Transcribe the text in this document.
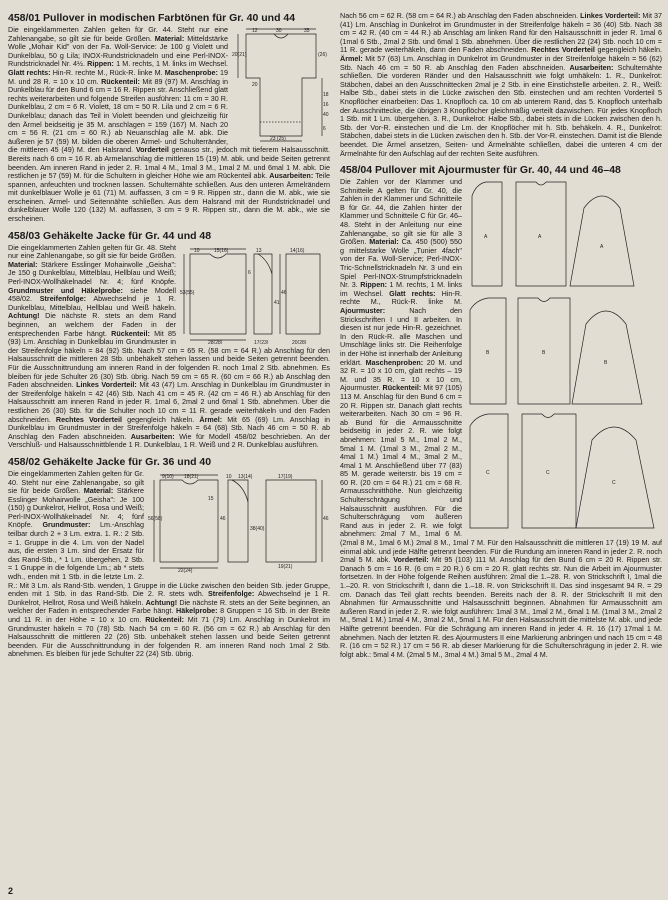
458/01 Pullover in modischen Farbtönen für Gr. 40 und 44
12	30	35
20(21)	(26)
23 (25)
18
16
40
6
20

Die eingeklammerten Zahlen gelten für Gr. 44. Steht nur eine Zahlenangabe, so gilt sie für beide Größen. Material: Mitteldstärke Wolle „Mohair Kid" von der Fa. Woll-Service: Je 100 g Violett und Dunkelblau, 50 g Lila; INOX-Rundstricknadeln und eine Perl-INOX-Rundstricknadel Nr. 4½. Rippen: 1 M. rechts, 1 M. links im Wechsel. Glatt rechts: Hin-R. rechte M., Rück-R. linke M. Maschenprobe: 19 M. und 28 R. = 10 x 10 cm. Rückenteil: Mit 89 (97) M. Anschlag in Dunkelblau für den Bund 6 cm = 16 R. Rippen str. Anschließend glatt rechts weiterarbeiten und folgende Streifen ausführen: 11 cm = 30 R. Dunkelblau, 2 cm = 6 R. Violett, 18 cm = 50 R. Lila und 2 cm = 6 R. Dunkelblau; danach das Teil in Violett beenden und gleichzeitig für den Ärmel beidseitig je 35 M. anschlagen = 159 (167) M. Nach 20 cm = 56 R. (21 cm = 60 R.) ab Neuanschlag alle M. abk. Die äußeren je 57 (59) M. bilden die oberen Ärmel- und Schulterränder, die mittleren 45 (49) M. den Halsrand. Vorderteil genauso str., jedoch mit tieferem Halsausschnitt. Bereits nach 6 cm = 16 R. ab Armelanschlag die mittleren 15 (19) M. abk. und beide Seiten getrennt beenden. Am inneren Rand in jeder 2. R. 1mal 4 M., 1mal 3 M., 1mal 2 M. und 6mal 1 M. abk. Die restlichen je 57 (59) M. für die Schultern in gleicher Höhe wie am Rückenteil abk. Ausarbeiten: Teile spannen, anfeuchten und trocknen lassen. Schulternähte schließen. Aus den unteren Ärmelrändern mit dunkelblauer Wolle je 61 (71) M. auffassen, 3 cm = 9 R. Rippen str., dann die M. abk., wie sie erscheinen. Ärmel- und Seitennähte schließen. Aus dem Halsrand mit der Rundstricknadel und dunkelblauer Wolle 120 (132) M. auffassen, 3 cm = 9 R. Rippen str., dann die M. abk., wie sie erscheinen.

458/03 Gehäkelte Jacke für Gr. 44 und 48
10	15(16)	13	14(16)
28(28)	17(23)	20(28)
53(55)	46
41
6

Die eingeklammerten Zahlen gelten für Gr. 48. Steht nur eine Zahlenangabe, so gilt sie für beide Größen. Material: Stärkere Esslinger Mohairwolle „Geisha": Je 150 g Dunkelblau, Mittelblau, Hellblau und Weiß; Perl-INOX-Wollhäkelnadel Nr. 4; fünf Knöpfe. Grundmuster und Häkelprobe: siehe Modell 458/02. Streifenfolge: Abwechselnd je 1 R. Dunkelblau, Mittelblau, Hellblau und Weiß häkeln. Achtung! Die nächste R. stets an dem Rand beginnen, an welchem der Faden in der entsprechenden Farbe hängt. Rückenteil: Mit 85 (93) Lm. Anschlag in Dunkelblau im Grundmuster in der Streifenfolge häkeln = 84 (92) Stb. Nach 57 cm = 65 R. (58 cm = 64 R.) ab Anschlag für den Halsausschnitt die mittleren 28 Stb. unbehäkelt stehen lassen und beide Seiten getrennt beenden. Für die Ausschnittrundung am inneren Rand in der folgenden R. noch 1mal 2 Stb. abnehmen. Es bleiben für jede Schulter 26 (30) Stb. übrig. Nach 59 cm = 65 R. (60 cm = 66 R.) ab Anschlag den Faden abschneiden. Linkes Vorderteil: Mit 43 (47) Lm. Anschlag in Dunkelblau im Grundmuster in der Streifenfolge häkeln = 42 (46) Stb. Nach 41 cm = 45 R. (42 cm = 46 R.) ab Anschlag für den Halsausschnitt am inneren Rand in jeder R. 1mal 6, 2mal 2 und 6mal 1 Stb. abnehmen. Über die restlichen 26 (30) Stb. für die Schulter noch 10 cm = 11 R. gerade weiterhäkeln und den Faden abschneiden. Rechtes Vorderteil gegengleich häkeln. Ärmel: Mit 65 (69) Lm. Anschlag in Dunkelblau im Grundmuster in der Streifenfolge häkeln = 64 (68) Stb. Nach 46 cm = 50 R. ab Anschlag den Faden abschneiden. Ausarbeiten: Wie für Modell 458/02 beschrieben. An der Verschluß- und Halsausschnittblende 1 R. Dunkelblau, 1 R. Weiß und 2 R. Dunkelblau ausführen.

458/02 Gehäkelte Jacke für Gr. 36 und 40
9(10) 18(21)	10 13(14)	17(19)
19(21)
22(24)
56(58)	46
38(40)
46
15

Die eingeklammerten Zahlen gelten für Gr. 40. Steht nur eine Zahlenangabe, so gilt sie für beide Größen. Material: Stärkere Esslinger Mohairwolle „Geisha": Je 100 (150) g Dunkelrot, Hellrot, Rosa und Weiß; Perl-INOX-Wollhäkelnadel Nr. 4; fünf Knöpfe. Grundmuster: Lm.-Anschlag teilbar durch 2 + 3 Lm. extra. 1. R.: 2 Stb. = 1. Gruppe in die 4. Lm. von der Nadel aus, die ersten 3 Lm. sind der Ersatz für das Rand-Stb., * 1 Lm. übergehen, 2 Stb. = 1 Gruppe in die folgende Lm.; ab * stets wdh., enden mit 1 Stb. in die letzte Lm. 2. R.: Mit 3 Lm. als Rand-Stb. wenden, 1 Gruppe in die Lücke zwischen den beiden Stb. jeder Gruppe, enden mit 1 Stb. in das Rand-Stb. Die 2. R. stets wdh. Streifenfolge: Abwechselnd je 1 R. Dunkelrot, Hellrot, Rosa und Weiß häkeln. Achtung! Die nächste R. stets an der Seite beginnen, an welcher der Faden in entsprechender Farbe hängt. Häkelprobe: 8 Gruppen = 16 Stb. in der Breite und 11 R. in der Höhe = 10 x 10 cm. Rückenteil: Mit 71 (79) Lm. Anschlag in Dunkelrot im Grundmuster häkeln = 70 (78) Stb. Nach 54 cm = 60 R. (56 cm = 62 R.) ab Anschlag für den Halsausschnitt die mittleren 22 (26) Stb. unbehäkelt stehen lassen und beide Seiten getrennt beenden. Für die Ausschnittrundung in der folgenden R. am inneren Rand noch 1mal 2 Stb. abnehmen. Es bleiben für jede Schulter 22 (24) Stb. übrig.

Nach 56 cm = 62 R. (58 cm = 64 R.) ab Anschlag den Faden abschneiden. Linkes Vorderteil: Mit 37 (41) Lm. Anschlag in Dunkelrot im Grundmuster in der Streifenfolge häkeln = 36 (40) Stb. Nach 38 cm = 42 R. (40 cm = 44 R.) ab Anschlag am linken Rand für den Halsausschnitt in jeder R. 1mal 6 (1mal 6 Stb., 2mal 2 Stb. und 6mal 1 Stb. abnehmen. Über die restlichen 22 (24) Stb. noch 10 cm = 11 R. gerade weiterhäkeln, dann den Faden abschneiden. Rechtes Vorderteil gegengleich häkeln. Ärmel: Mit 57 (63) Lm. Anschlag in Dunkelrot im Grundmuster in der Streifenfolge häkeln = 56 (62) Stb. Nach 46 cm = 50 R. ab Anschlag den Faden abschneiden. Ausarbeiten: Schulternähte schließen. Die vorderen Ränder und den Halsausschnitt wie folgt umhäkeln: 1. R., Dunkelrot: Stäbchen, dabei an den Ausschnittecken 2mal je 2 Stb. in eine Einstichstelle arbeiten. 2. R., Weiß: Halbe Stb., dabei stets in die Lücke zwischen den Stb. einstechen und am rechten Vorderteil 5 Knopflöcher einarbeiten: Das 1. Knopfloch ca. 10 cm ab unterem Rand, das 5. Knopfloch unterhalb der Ausschnittecke, die übrigen 3 Knopflöcher gleichmäßig verteilt dazwischen. Für jedes Knopfloch 1 Stb. mit 1 Lm. übergehen. 3. R., Dunkelrot: Halbe Stb., dabei stets in die Lücken zwischen den h. Stb. der Vor-R. einstechen und die Lm. der Knopflöcher mit h. Stb. behäkeln. 4. R., Dunkelrot: Stäbchen, dabei stets in die Lücken zwischen den h. Stb. der Vor-R. einstechen. Damit ist die Blende beendet. Die Ärmel ansetzen, Seiten- und Ärmelnähte schließen, dabei die unteren 4 cm der Ärmelnähte für den Aufschlag auf der rechten Seite ausführen.

458/04 Pullover mit Ajourmuster für Gr. 40, 44 und 46–48
A	A
A
B	B
B
C	C
C

Die Zahlen vor der Klammer und Schnitteile A gelten für Gr. 40, die Zahlen in der Klammer und Schnitteile B für Gr. 44, die Zahlen hinter der Klammer und Schnitteile C für Gr. 46–48. Steht in der Anleitung nur eine Zahlenangabe, so gilt sie für alle 3 Größen. Material: Ca. 450 (500) 550 g mittelstarke Wolle „Tunier 4fach" von der Fa. Woll-Service; Perl-INOX-Tric-Schnellstricknadeln Nr. 3 und ein Spiel Perl-INOX-Strumpfstricknadeln Nr. 3. Rippen: 1 M. rechts, 1 M. links im Wechsel. Glatt rechts: Hin-R. rechte M., Rück-R. linke M. Ajourmuster:	Nach den Strickschriften I und II arbeiten. In diesen ist nur jede Hin-R. gezeichnet. In den Rück-R. alle Maschen und Umschläge links str. Die Reihenfolge in der Höhe ist innerhalb der Anleitung erklärt. Maschenproben: 20 M. und 32 R. = 10 x 10 cm, glatt rechts – 19 M. und 35 R. = 10 x 10 cm, Ajourmuster. Rückenteil: Mit 97 (105) 113 M. Anschlag für den Bund 6 cm = 20 R. Rippen str. Danach glatt rechts weiterarbeiten. Nach 30 cm = 96 R. ab Bund für die Armausschnitte beidseitig in jeder 2. R. wie folgt abnehmen: 1mal 5 M., 1mal 2 M., 5mal 1 M. (1mal 3 M., 2mal 2 M., 4mal 1 M.) 1mal 4 M., 3mal 2 M., 4mal 1 M. Anschließend über 77 (83) 85 M. gerade weiterstr. bis 19 cm = 60 R. (20 cm = 64 R.) 21 cm = 68 R. Armausschnitthöhe. Nun gleichzeitig Schulterschrägung und Halsausschnitt ausführen. Für die Schulterschrägung vom äußeren Rand aus in jeder 2. R. wie folgt abnehmen: 2mal 7 M., 1mal 6 M. (2mal 8 M., 1mal 6 M.) 2mal 8 M., 1mal 7 M. Für den Halsausschnitt die mittleren 17 (19) 19 M. auf einmal abk. und jede Hälfte getrennt beenden. Für die Rundung am inneren Rand in jeder 2. R. noch 2mal 5 M. abk. Vorderteil: Mit 95 (103) 111 M. Anschlag für den Bund 6 cm = 20 R. Rippen str. Danach 5 cm = 16 R. (6 cm = 20 R.) 6 cm = 20 R. glatt rechts str. Nun die Arbeit im Ajourmuster fortsetzen. In der Höhe folgende Reihen ausführen: 2mal die 1.–28. R. von Strickschrift I, 1mal die 1.–20. R. von Strickschrift I, dann die 1.–18. R. von Strickschrift II. Das sind insgesamt 94 R. = 29 cm. Danach das Teil glatt rechts beenden. Bereits nach der 8. R. der Strickschrift II mit den Abnahmen für Armausschnitte und Halsausschnitt beginnen. Abnahmen für Armausschnitt am äußeren Rand in jeder 2. R. wie folgt ausführen: 1mal 3 M., 1mal 2 M., 6mal 1 M. (1mal 3 M., 2mal 2 M., 5mal 1 M.) 1mal 4 M., 3mal 2 M., 5mal 1 M. Für den Halsausschnitt die mittelste M. abk. und jede Hälfte getrennt beenden. Für die Schrägung am inneren Rand in jeder 4. R. 16 (17) 17mal 1 M. abnehmen. Nach der letzten R. des Ajourmusters II eine Markierung anbringen und nach 15 cm = 48 R. (16 cm = 52 R.) 17 cm = 56 R. ab dieser Markierung für die Schulterschrägung in jeder 2. R. wie folgt abk.: 5mal 4 M. (2mal 5 M., 3mal 4 M.) 3mal 5 M., 2mal 4 M.

2
